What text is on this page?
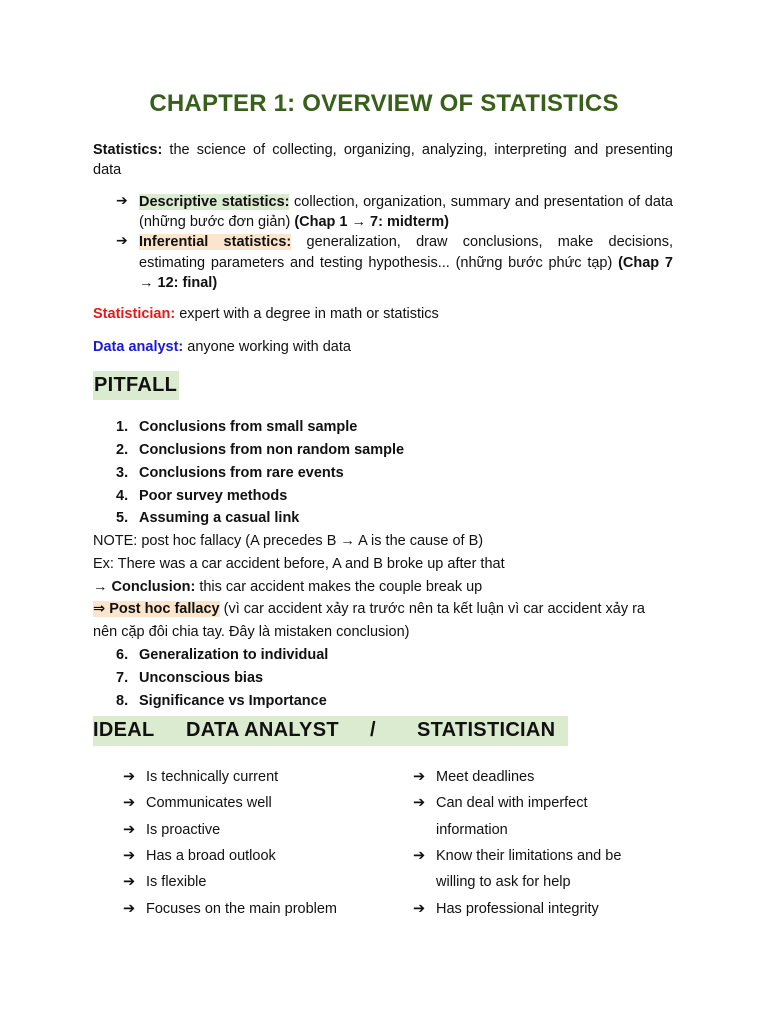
CHAPTER 1: OVERVIEW OF STATISTICS
Statistics: the science of collecting, organizing, analyzing, interpreting and presenting data
➔ Descriptive statistics: collection, organization, summary and presentation of data (những bước đơn giản) (Chap 1 → 7: midterm)
➔ Inferential statistics: generalization, draw conclusions, make decisions, estimating parameters and testing hypothesis... (những bước phức tạp) (Chap 7 → 12: final)
Statistician: expert with a degree in math or statistics
Data analyst: anyone working with data
PITFALL
1. Conclusions from small sample
2. Conclusions from non random sample
3. Conclusions from rare events
4. Poor survey methods
5. Assuming a casual link
NOTE: post hoc fallacy (A precedes B → A is the cause of B)
Ex: There was a car accident before, A and B broke up after that
→ Conclusion: this car accident makes the couple break up
⇒ Post hoc fallacy (vì car accident xảy ra trước nên ta kết luận vì car accident xảy ra
nên cặp đôi chia tay. Đây là mistaken conclusion)
6. Generalization to individual
7. Unconscious bias
8. Significance vs Importance
IDEAL DATA ANALYST / STATISTICIAN
➔ Is technically current
➔ Communicates well
➔ Is proactive
➔ Has a broad outlook
➔ Is flexible
➔ Focuses on the main problem
➔ Meet deadlines
➔ Can deal with imperfect
information
➔ Know their limitations and be
willing to ask for help
➔ Has professional integrity
